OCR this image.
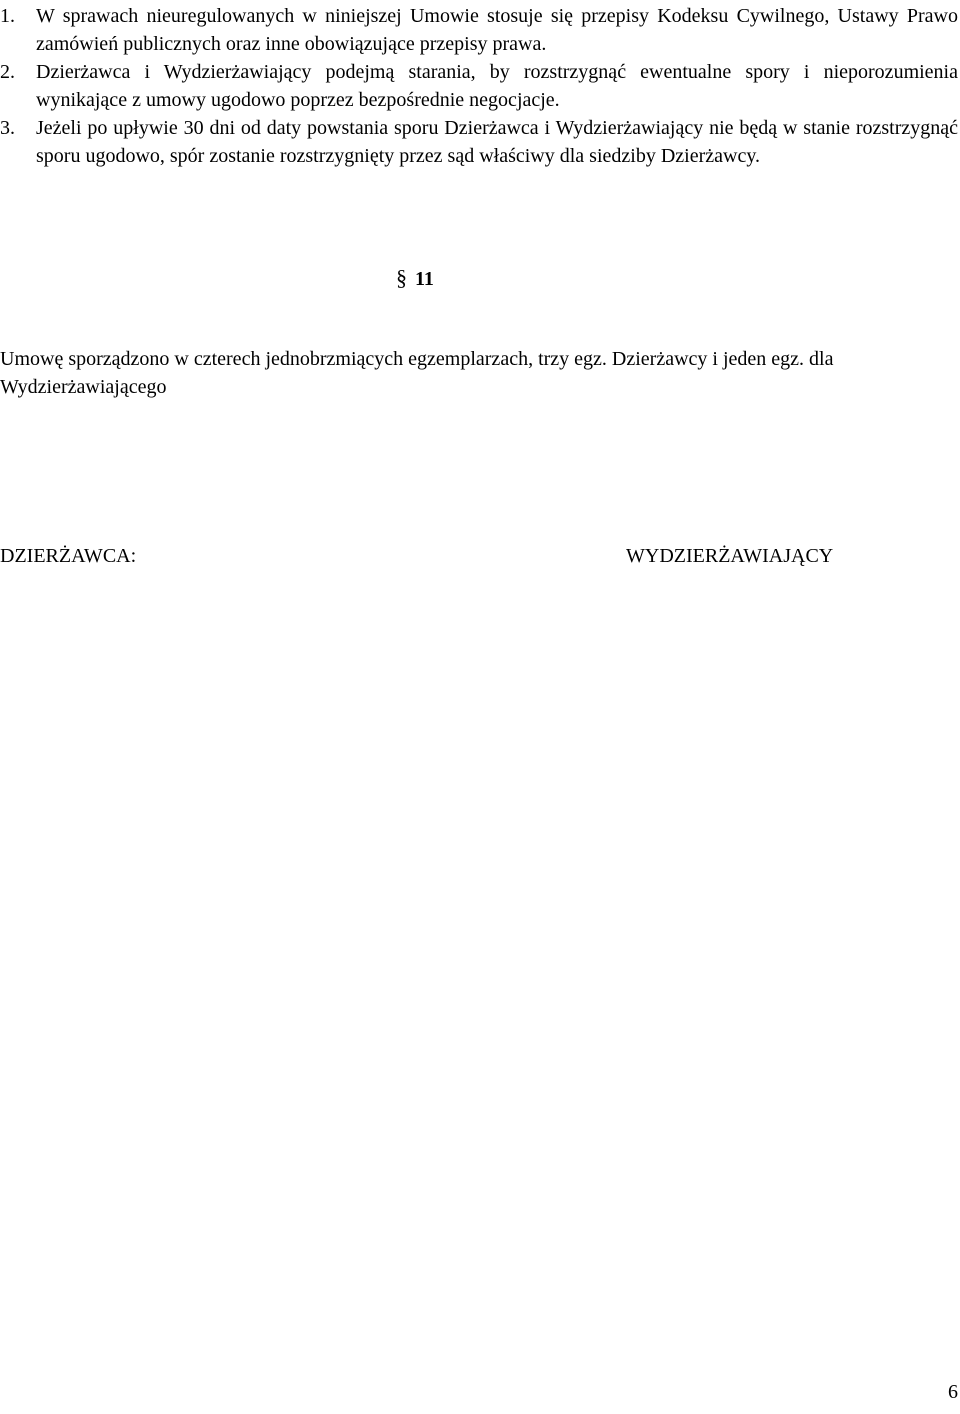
1. W sprawach nieuregulowanych w niniejszej Umowie stosuje się przepisy Kodeksu Cywilnego, Ustawy Prawo zamówień publicznych oraz inne obowiązujące przepisy prawa.
2. Dzierżawca i Wydzierżawiający podejmą starania, by rozstrzygnąć ewentualne spory i nieporozumienia wynikające z umowy ugodowo poprzez bezpośrednie negocjacje.
3. Jeżeli po upływie 30 dni od daty powstania sporu Dzierżawca i Wydzierżawiający nie będą w stanie rozstrzygnąć sporu ugodowo, spór zostanie rozstrzygnięty przez sąd właściwy dla siedziby Dzierżawcy.
§ 11

Umowę sporządzono w czterech jednobrzmiących egzemplarzach, trzy egz. Dzierżawcy i jeden egz. dla Wydzierżawiającego

DZIERŻAWCA:	WYDZIERŻAWIAJĄCY
6
